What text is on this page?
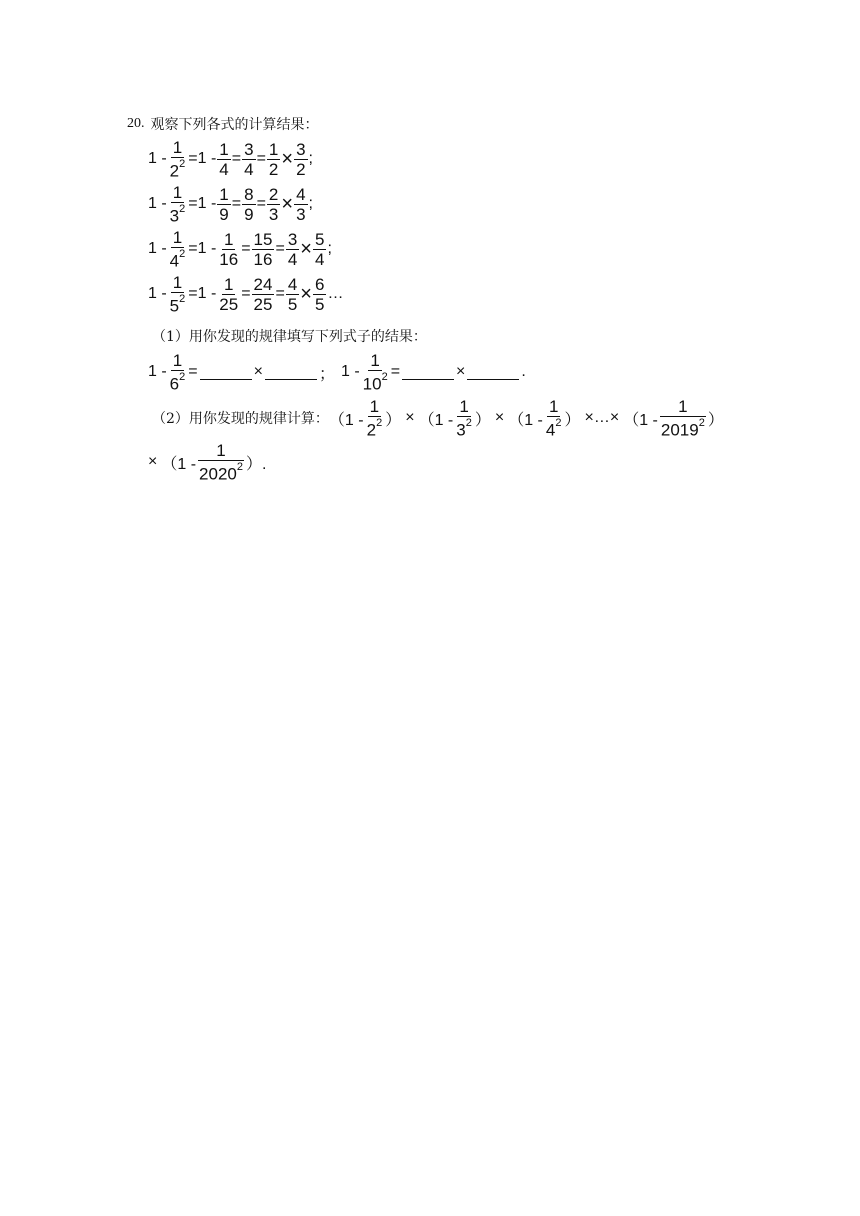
20. 观察下列各式的计算结果：
$1 - \frac{1}{2^2} =1 - \frac{1}{4} = \frac{3}{4} = \frac{1}{2} \times \frac{3}{2}$ ;
$1 - \frac{1}{3^2} =1 - \frac{1}{9} = \frac{8}{9} = \frac{2}{3} \times \frac{4}{3}$ ;
$1 - \frac{1}{4^2} =1 - \frac{1}{16} = \frac{15}{16} = \frac{3}{4} \times \frac{5}{4}$ ;
$1 - \frac{1}{5^2} =1 - \frac{1}{25} = \frac{24}{25} = \frac{4}{5} \times \frac{6}{5}$ …
（1）用你发现的规律填写下列式子的结果：
$1 - \frac{1}{6^2}$ =	×	； $1 - \frac{1}{10^2}$ =	×	.
（2）用你发现的规律计算： （$1 - \frac{1}{2^2}$ ） × （$1 - \frac{1}{3^2}$ ） × （$1 - \frac{1}{4^2}$ ） ×…× （$1 - \frac{1}{2019^2}$ ）
× （$1 - \frac{1}{2020^2}$ ）.
